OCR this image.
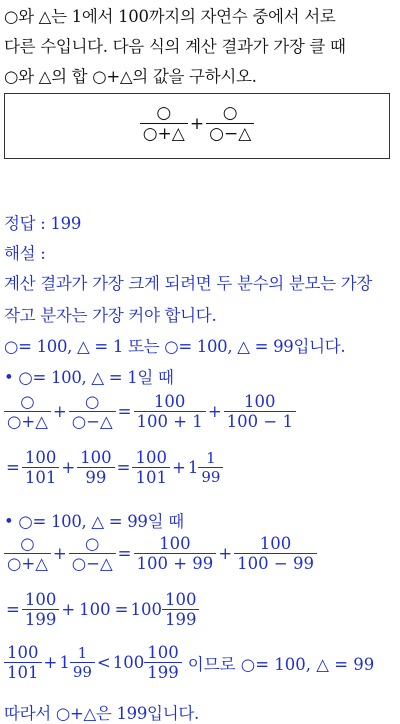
○와 △는 1에서 100까지의 자연수 중에서 서로
다른 수입니다. 다음 식의 계산 결과가 가장 클 때
○와 △의 합 ○+△의 값을 구하시오.
$\frac{○}{○+\triangle} + \frac{○}{○-\triangle}$
정답 : 199
해설 :
계산 결과가 가장 크게 되려면 두 분수의 분모는 가장
작고 분자는 가장 커야 합니다.
○= 100, △ = 1 또는 ○= 100, △ = 99입니다.
• ○= 100, △ = 1일 때
$\frac{○}{○+\triangle} + \frac{○}{○-\triangle} = \frac{100}{100 + 1} + \frac{100}{100 - 1}$
= $\frac{100}{101} + \frac{100}{99} = \frac{100}{101} + 1 \frac{1}{99}$
• ○= 100, △ = 99일 때
$\frac{○}{○+\triangle} + \frac{○}{○-\triangle} = \frac{100}{100 + 99} + \frac{100}{100 - 99}$
= $\frac{100}{199} + 100 = 100 \frac{100}{199}$
$\frac{100}{101} + 1 \frac{1}{99} < 100 \frac{100}{199}$ 이므로 ○= 100, △ = 99
따라서 ○+△은 199입니다.
